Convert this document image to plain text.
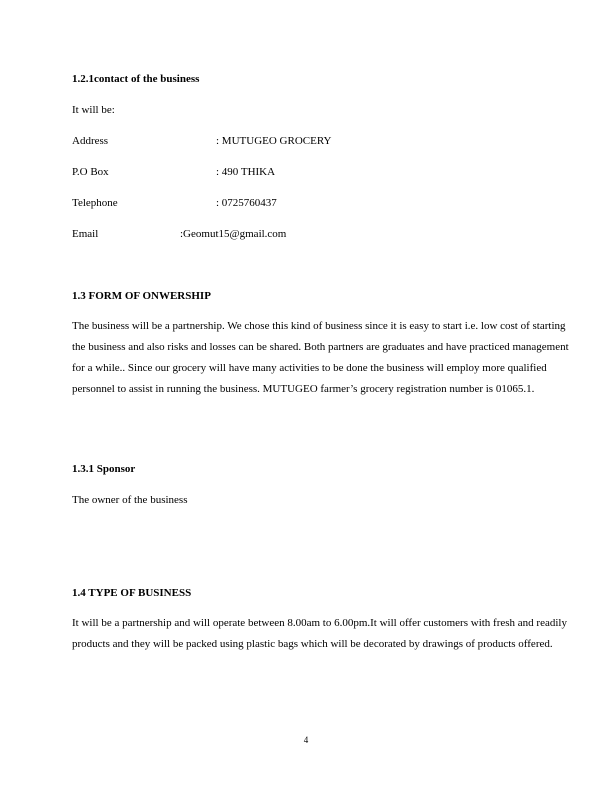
1.2.1contact of the business
It will be:
Address	: MUTUGEO GROCERY
P.O Box	: 490 THIKA
Telephone	: 0725760437
Email	:Geomut15@gmail.com
1.3 FORM OF ONWERSHIP

The business will be a partnership. We chose this kind of business since it is easy to start i.e. low cost of starting the business and also risks and losses can be shared. Both partners are graduates and have practiced management for a while.. Since our grocery will have many activities to be done the business will employ more qualified personnel to assist in running the business. MUTUGEO farmer’s grocery registration number is 01065.1.

1.3.1 Sponsor
The owner of the business
1.4 TYPE OF BUSINESS

It will be a partnership and will operate between 8.00am to 6.00pm.It will offer customers with fresh and readily products and they will be packed using plastic bags which will be decorated by drawings of products offered.

4
